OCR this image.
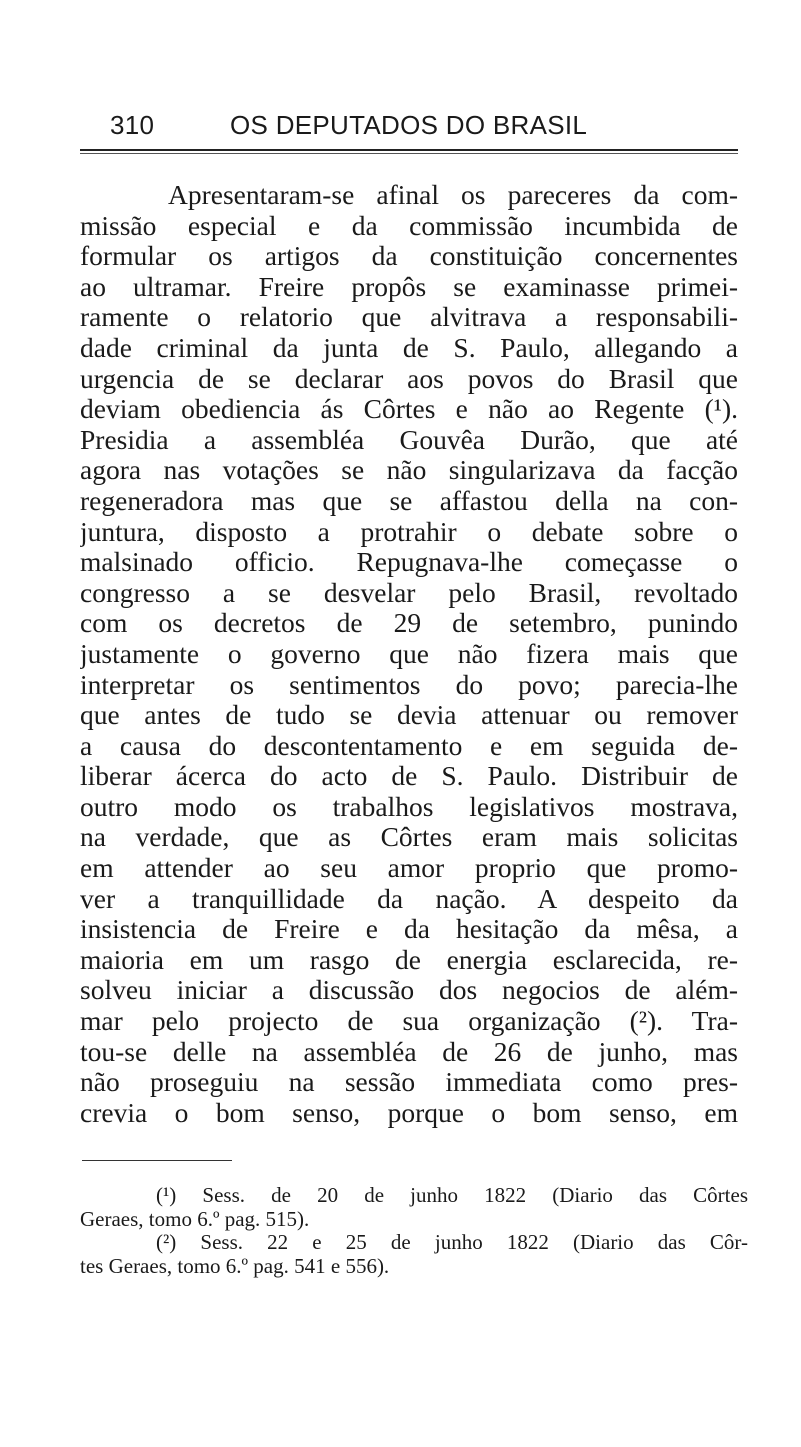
310	OS DEPUTADOS DO BRASIL
Apresentaram-se afinal os pareceres da com-
missão especial e da commissão incumbida de
formular os artigos da constituição concernentes
ao ultramar. Freire propôs se examinasse primei-
ramente o relatorio que alvitrava a responsabili-
dade criminal da junta de S. Paulo, allegando a
urgencia de se declarar aos povos do Brasil que
deviam obediencia ás Côrtes e não ao Regente (¹).
Presidia a assembléa Gouvêa Durão, que até
agora nas votações se não singularizava da facção
regeneradora mas que se affastou della na con-
juntura, disposto a protrahir o debate sobre o
malsinado officio. Repugnava-lhe começasse o
congresso a se desvelar pelo Brasil, revoltado
com os decretos de 29 de setembro, punindo
justamente o governo que não fizera mais que
interpretar os sentimentos do povo; parecia-lhe
que antes de tudo se devia attenuar ou remover
a causa do descontentamento e em seguida de-
liberar ácerca do acto de S. Paulo. Distribuir de
outro modo os trabalhos legislativos mostrava,
na verdade, que as Côrtes eram mais solicitas
em attender ao seu amor proprio que promo-
ver a tranquillidade da nação. A despeito da
insistencia de Freire e da hesitação da mêsa, a
maioria em um rasgo de energia esclarecida, re-
solveu iniciar a discussão dos negocios de além-
mar pelo projecto de sua organização (²). Tra-
tou-se delle na assembléa de 26 de junho, mas
não proseguiu na sessão immediata como pres-
crevia o bom senso, porque o bom senso, em
(¹) Sess. de 20 de junho 1822 (Diario das Côrtes
Geraes, tomo 6.º pag. 515).
(²) Sess. 22 e 25 de junho 1822 (Diario das Côr-
tes Geraes, tomo 6.º pag. 541 e 556).
